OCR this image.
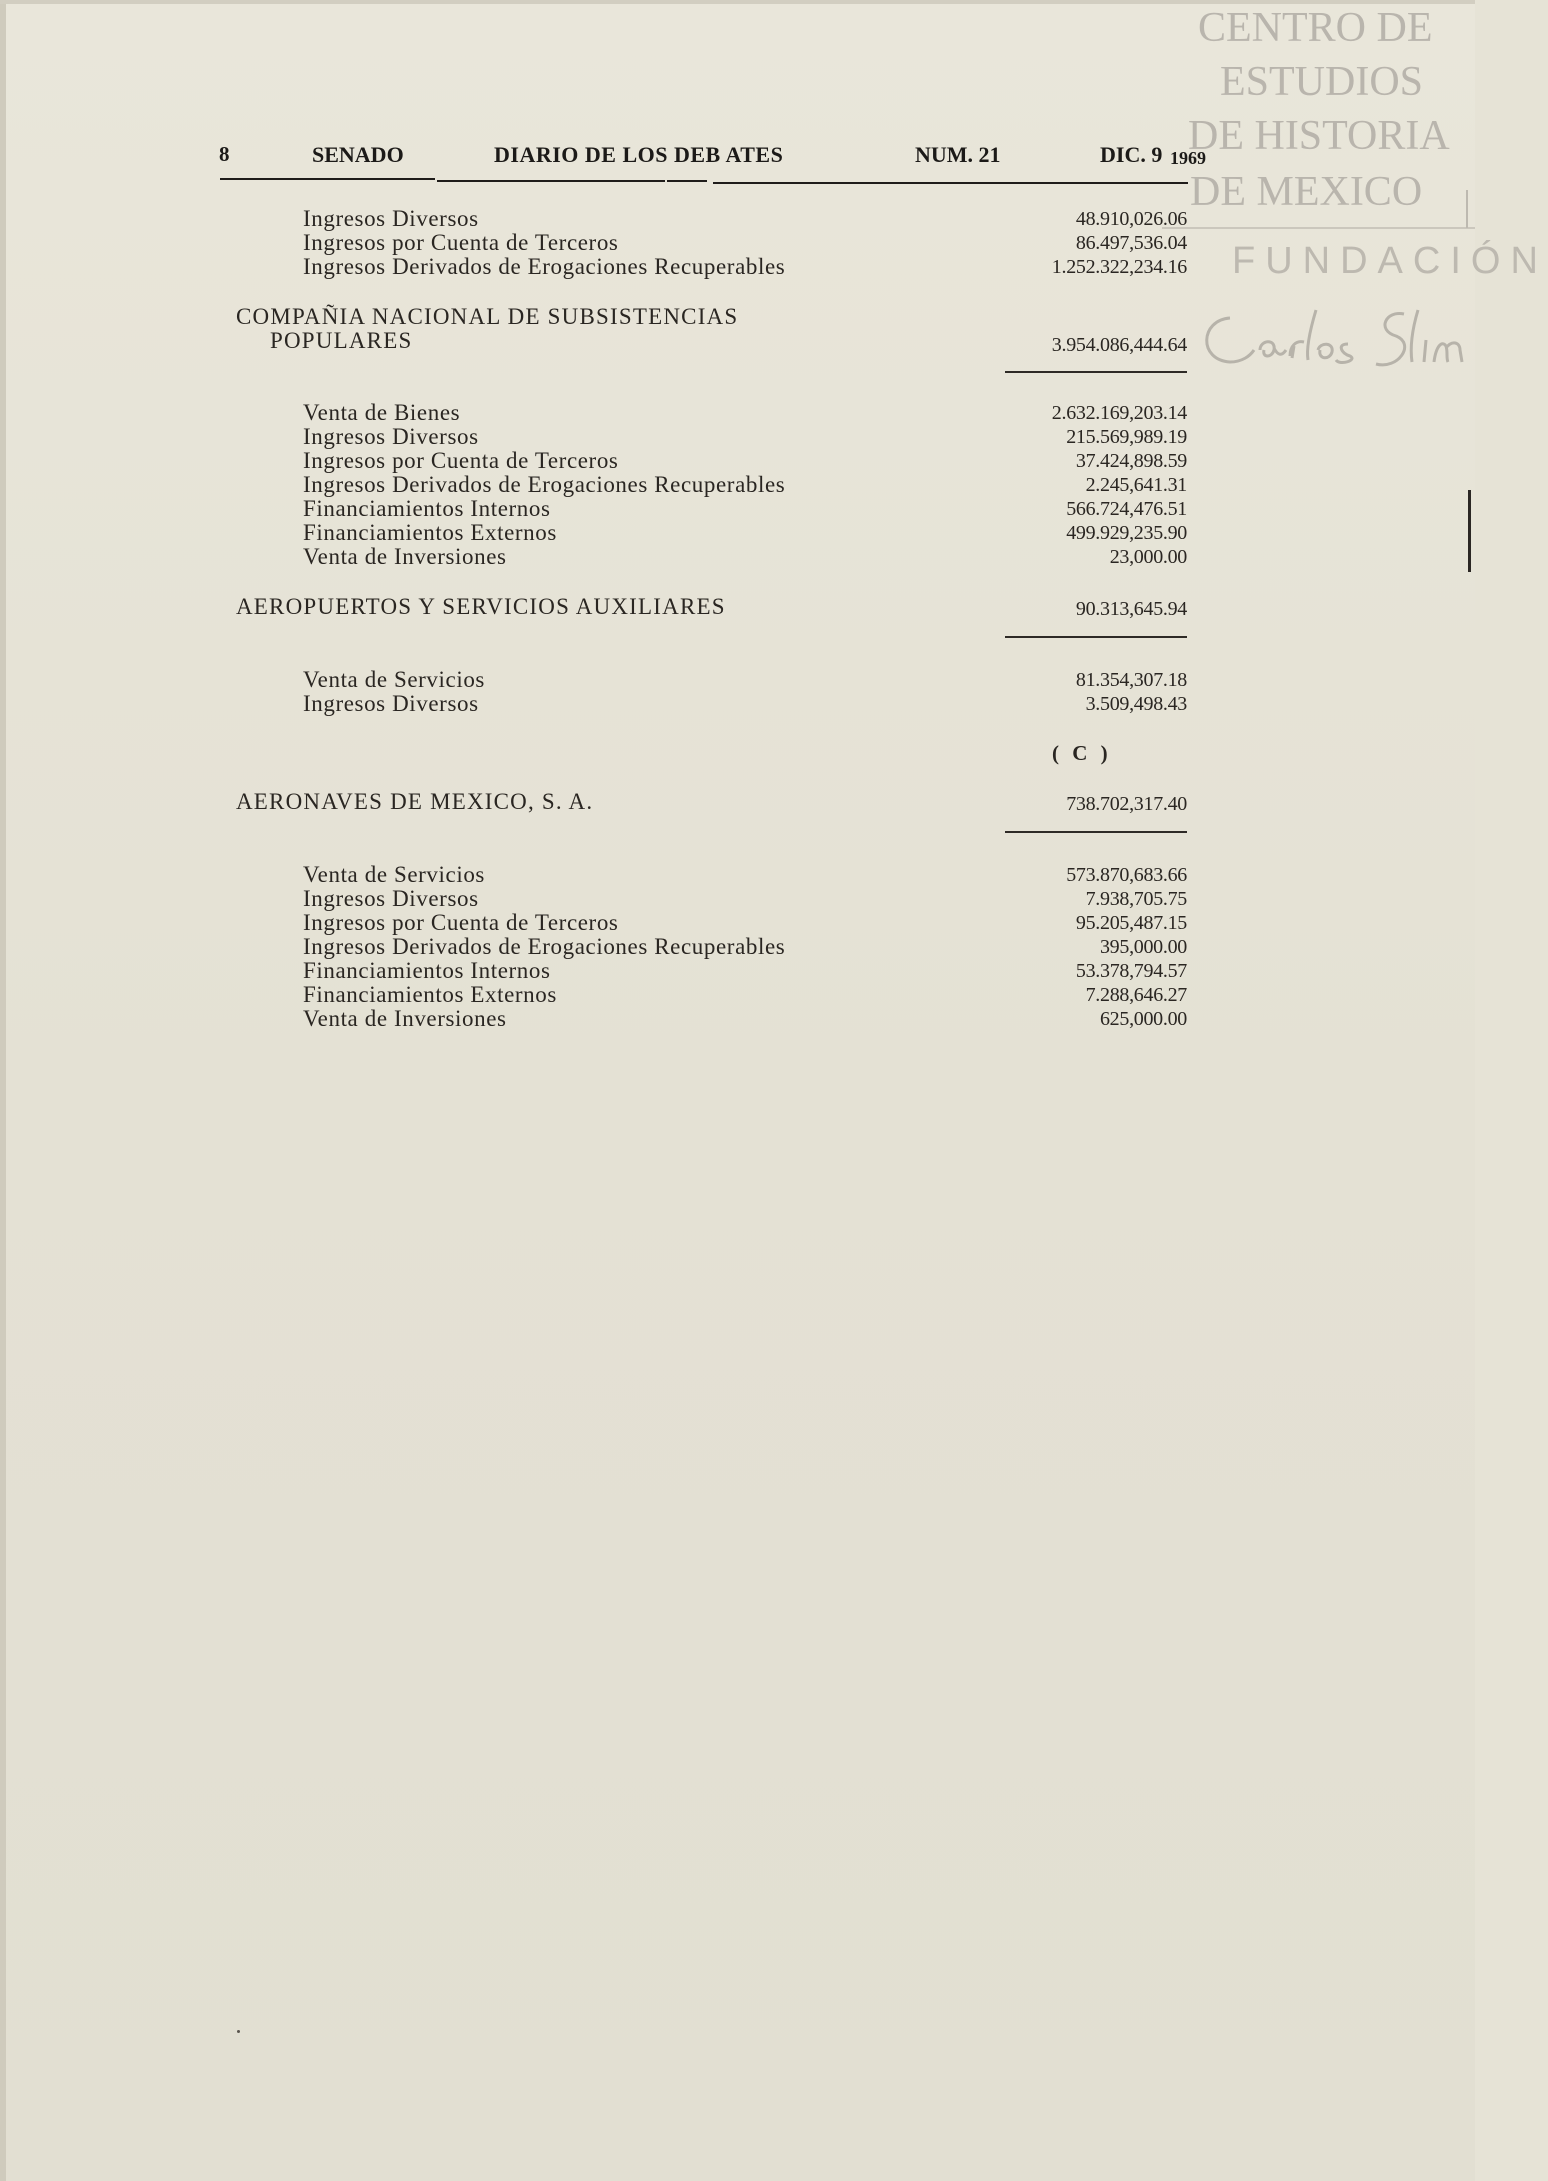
CENTRO DE
ESTUDIOS
DE HISTORIA
DE MEXICO
FUNDACIÓN
8	SENADO	DIARIO DE LOS DEB ATES	NUM. 21	DIC. 9 1969
Ingresos Diversos	48.910,026.06
Ingresos por Cuenta de Terceros	86.497,536.04
Ingresos Derivados de Erogaciones Recuperables	1.252.322,234.16
COMPAÑIA NACIONAL DE SUBSISTENCIAS
POPULARES	3.954.086,444.64
Venta de Bienes	2.632.169,203.14
Ingresos Diversos	215.569,989.19
Ingresos por Cuenta de Terceros	37.424,898.59
Ingresos Derivados de Erogaciones Recuperables	2.245,641.31
Financiamientos Internos	566.724,476.51
Financiamientos Externos	499.929,235.90
Venta de Inversiones	23,000.00
AEROPUERTOS Y SERVICIOS AUXILIARES	90.313,645.94
Venta de Servicios	81.354,307.18
Ingresos Diversos	3.509,498.43
( C )
AERONAVES DE MEXICO, S. A.	738.702,317.40
Venta de Servicios	573.870,683.66
Ingresos Diversos	7.938,705.75
Ingresos por Cuenta de Terceros	95.205,487.15
Ingresos Derivados de Erogaciones Recuperables	395,000.00
Financiamientos Internos	53.378,794.57
Financiamientos Externos	7.288,646.27
Venta de Inversiones	625,000.00
